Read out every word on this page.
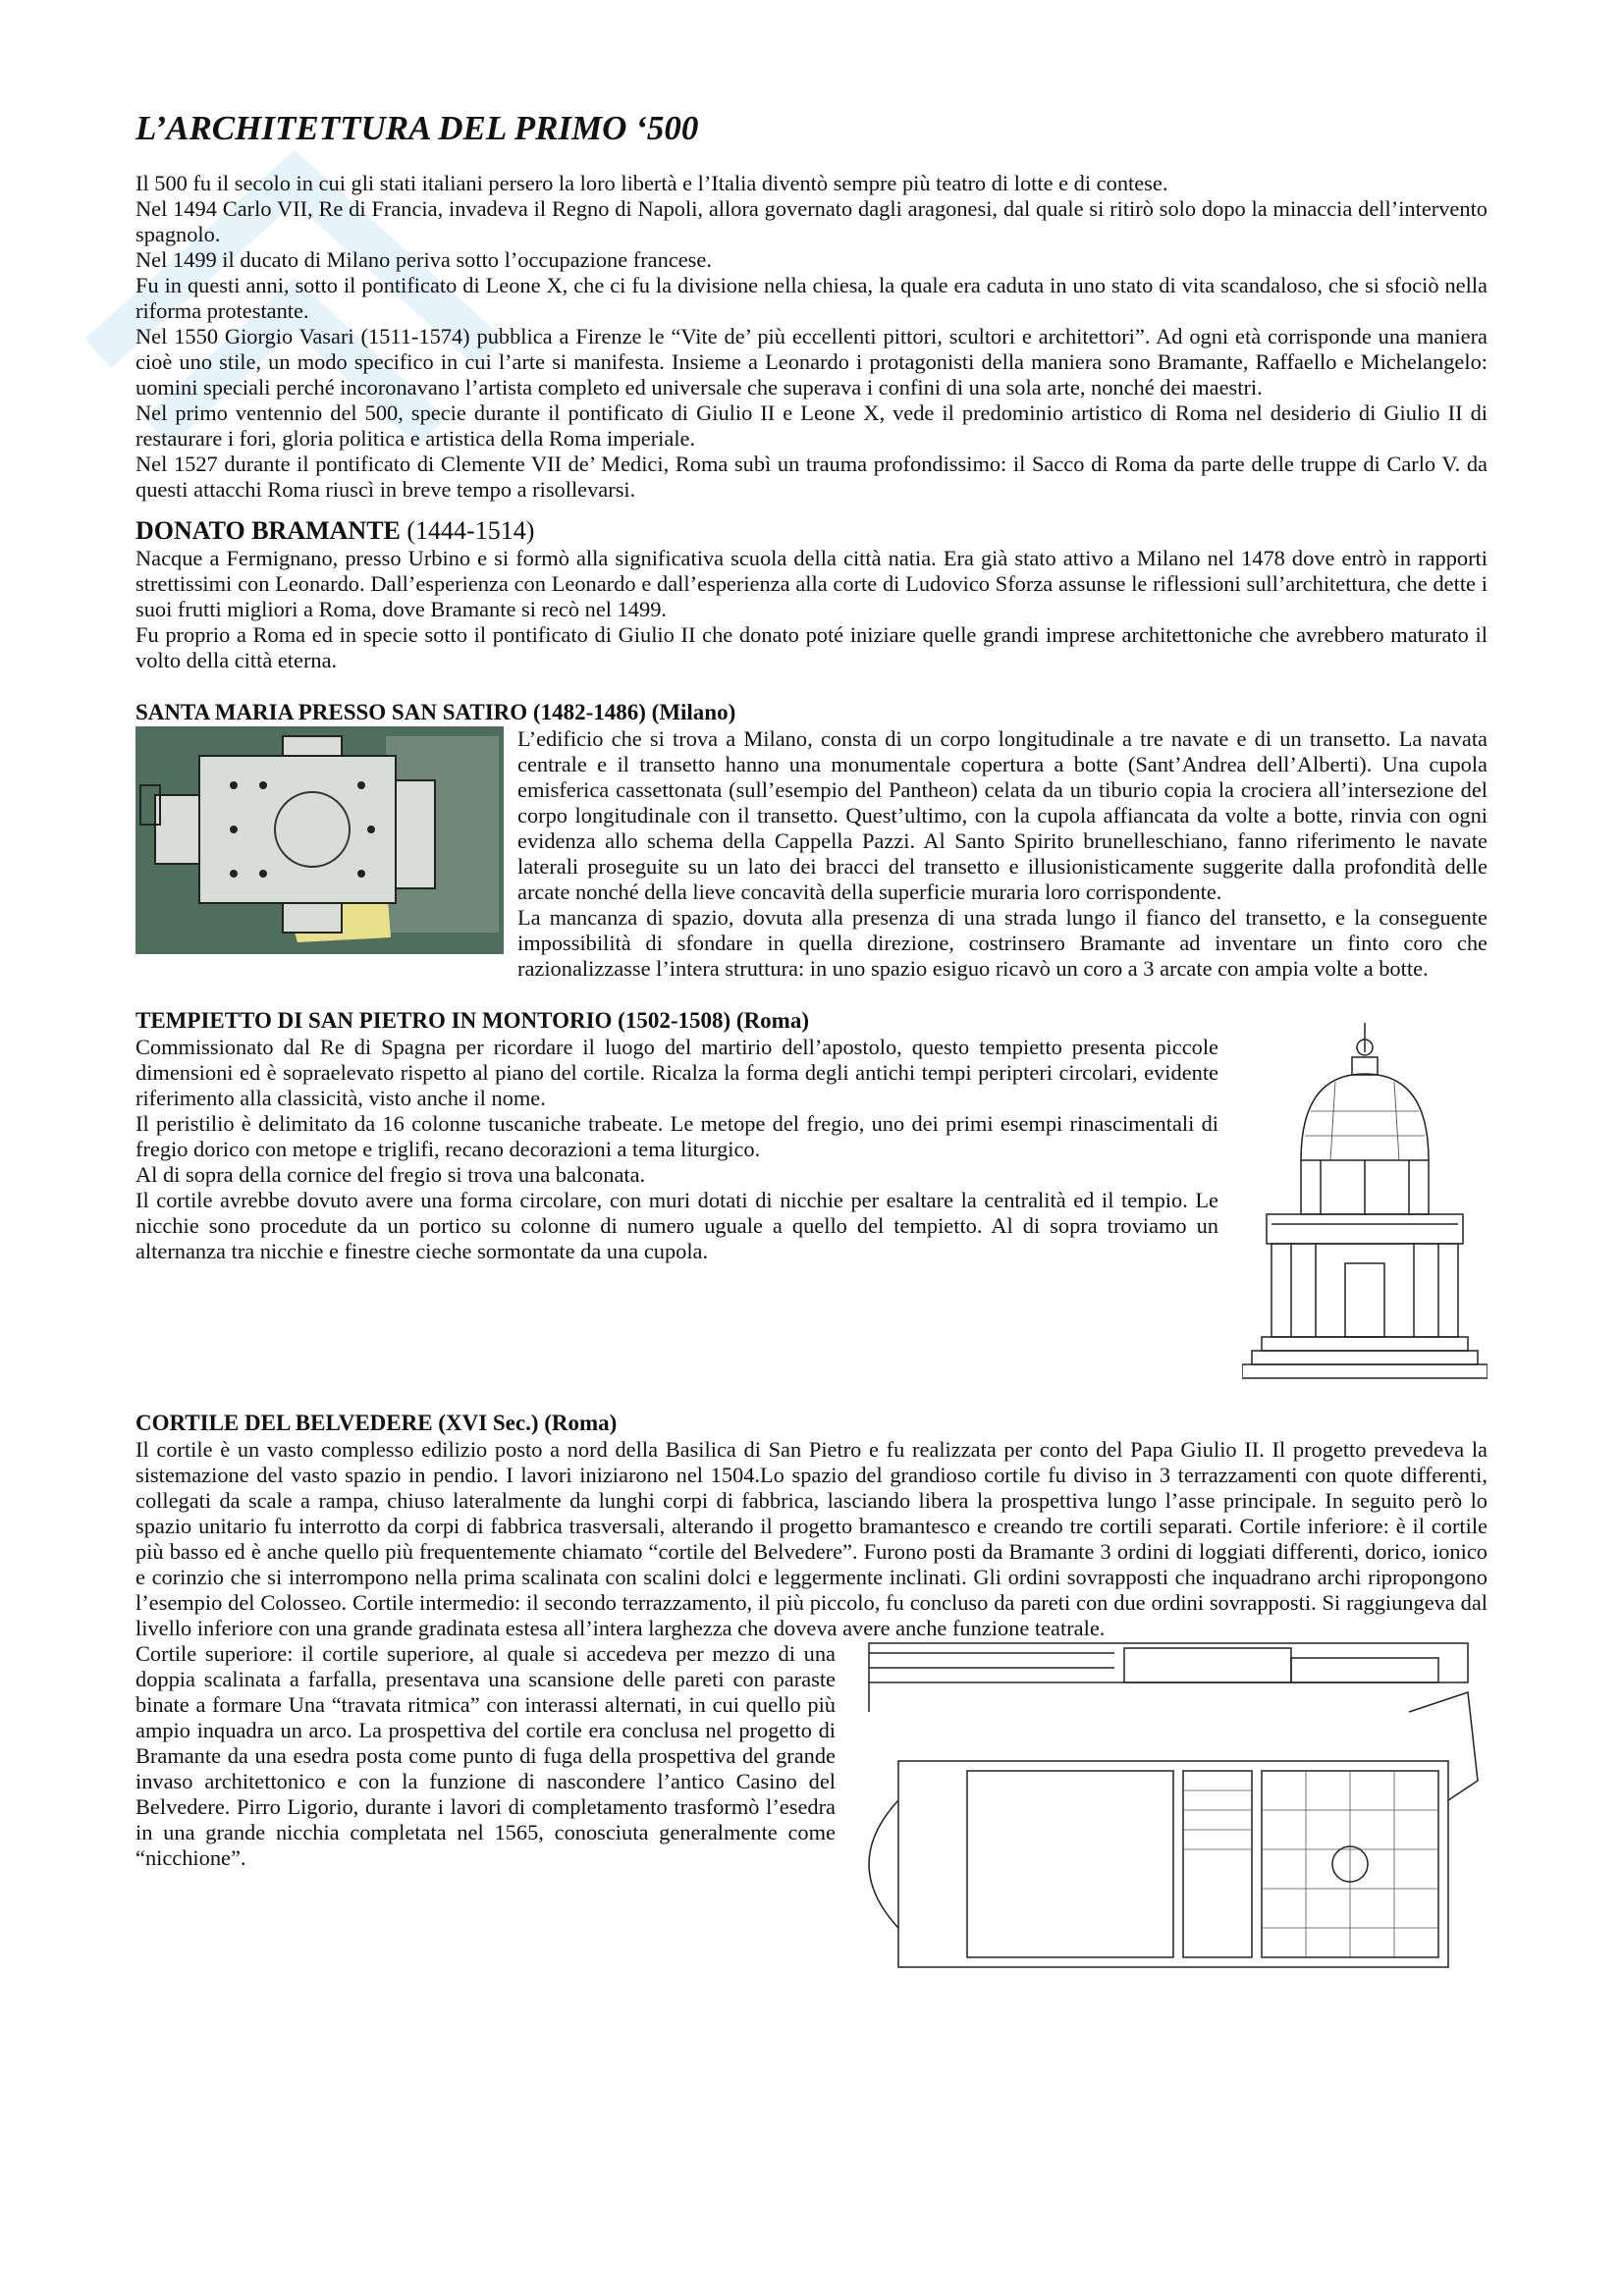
L’ARCHITETTURA DEL PRIMO ‘500

Il 500 fu il secolo in cui gli stati italiani persero la loro libertà e l’Italia diventò sempre più teatro di lotte e di contese.

Nel 1494 Carlo VII, Re di Francia, invadeva il Regno di Napoli, allora governato dagli aragonesi, dal quale si ritirò solo dopo la minaccia dell’intervento spagnolo.

Nel 1499 il ducato di Milano periva sotto l’occupazione francese.

Fu in questi anni, sotto il pontificato di Leone X, che ci fu la divisione nella chiesa, la quale era caduta in uno stato di vita scandaloso, che si sfociò nella riforma protestante.

Nel 1550 Giorgio Vasari (1511-1574) pubblica a Firenze le “Vite de’ più eccellenti pittori, scultori e architettori”. Ad ogni età corrisponde una maniera cioè uno stile, un modo specifico in cui l’arte si manifesta. Insieme a Leonardo i protagonisti della maniera sono Bramante, Raffaello e Michelangelo: uomini speciali perché incoronavano l’artista completo ed universale che superava i confini di una sola arte, nonché dei maestri.

Nel primo ventennio del 500, specie durante il pontificato di Giulio II e Leone X, vede il predominio artistico di Roma nel desiderio di Giulio II di restaurare i fori, gloria politica e artistica della Roma imperiale.

Nel 1527 durante il pontificato di Clemente VII de’ Medici, Roma subì un trauma profondissimo: il Sacco di Roma da parte delle truppe di Carlo V. da questi attacchi Roma riuscì in breve tempo a risollevarsi.

DONATO BRAMANTE (1444-1514)

Nacque a Fermignano, presso Urbino e si formò alla significativa scuola della città natia. Era già stato attivo a Milano nel 1478 dove entrò in rapporti strettissimi con Leonardo. Dall’esperienza con Leonardo e dall’esperienza alla corte di Ludovico Sforza assunse le riflessioni sull’architettura, che dette i suoi frutti migliori a Roma, dove Bramante si recò nel 1499.

Fu proprio a Roma ed in specie sotto il pontificato di Giulio II che donato poté iniziare quelle grandi imprese architettoniche che avrebbero maturato il volto della città eterna.

SANTA MARIA PRESSO SAN SATIRO (1482-1486) (Milano)

L’edificio che si trova a Milano, consta di un corpo longitudinale a tre navate e di un transetto. La navata centrale e il transetto hanno una monumentale copertura a botte (Sant’Andrea dell’Alberti). Una cupola emisferica cassettonata (sull’esempio del Pantheon) celata da un tiburio copia la crociera all’intersezione del corpo longitudinale con il transetto. Quest’ultimo, con la cupola affiancata da volte a botte, rinvia con ogni evidenza allo schema della Cappella Pazzi. Al Santo Spirito brunelleschiano, fanno riferimento le navate laterali proseguite su un lato dei bracci del transetto e illusionisticamente suggerite dalla profondità delle arcate nonché della lieve concavità della superficie muraria loro corrispondente.

La mancanza di spazio, dovuta alla presenza di una strada lungo il fianco del transetto, e la conseguente impossibilità di sfondare in quella direzione, costrinsero Bramante ad inventare un finto coro che razionalizzasse l’intera struttura: in uno spazio esiguo ricavò un coro a 3 arcate con ampia volte a botte.

TEMPIETTO DI SAN PIETRO IN MONTORIO (1502-1508) (Roma)

Commissionato dal Re di Spagna per ricordare il luogo del martirio dell’apostolo, questo tempietto presenta piccole dimensioni ed è sopraelevato rispetto al piano del cortile. Ricalza la forma degli antichi tempi peripteri circolari, evidente riferimento alla classicità, visto anche il nome.

Il peristilio è delimitato da 16 colonne tuscaniche trabeate. Le metope del fregio, uno dei primi esempi rinascimentali di fregio dorico con metope e triglifi, recano decorazioni a tema liturgico.

Al di sopra della cornice del fregio si trova una balconata.

Il cortile avrebbe dovuto avere una forma circolare, con muri dotati di nicchie per esaltare la centralità ed il tempio. Le nicchie sono procedute da un portico su colonne di numero uguale a quello del tempietto. Al di sopra troviamo un alternanza tra nicchie e finestre cieche sormontate da una cupola.

CORTILE DEL BELVEDERE (XVI Sec.) (Roma)

Il cortile è un vasto complesso edilizio posto a nord della Basilica di San Pietro e fu realizzata per conto del Papa Giulio II. Il progetto prevedeva la sistemazione del vasto spazio in pendio. I lavori iniziarono nel 1504.Lo spazio del grandioso cortile fu diviso in 3 terrazzamenti con quote differenti, collegati da scale a rampa, chiuso lateralmente da lunghi corpi di fabbrica, lasciando libera la prospettiva lungo l’asse principale. In seguito però lo spazio unitario fu interrotto da corpi di fabbrica trasversali, alterando il progetto bramantesco e creando tre cortili separati. Cortile inferiore: è il cortile più basso ed è anche quello più frequentemente chiamato “cortile del Belvedere”. Furono posti da Bramante 3 ordini di loggiati differenti, dorico, ionico e corinzio che si interrompono nella prima scalinata con scalini dolci e leggermente inclinati. Gli ordini sovrapposti che inquadrano archi ripropongono l’esempio del Colosseo. Cortile intermedio: il secondo terrazzamento, il più piccolo, fu concluso da pareti con due ordini sovrapposti. Si raggiungeva dal livello inferiore con una grande gradinata estesa all’intera larghezza che doveva avere anche funzione teatrale.

Cortile superiore: il cortile superiore, al quale si accedeva per mezzo di una doppia scalinata a farfalla, presentava una scansione delle pareti con paraste binate a formare Una “travata ritmica” con interassi alternati, in cui quello più ampio inquadra un arco. La prospettiva del cortile era conclusa nel progetto di Bramante da una esedra posta come punto di fuga della prospettiva del grande invaso architettonico e con la funzione di nascondere l’antico Casino del Belvedere. Pirro Ligorio, durante i lavori di completamento trasformò l’esedra in una grande nicchia completata nel 1565, conosciuta generalmente come “nicchione”.
